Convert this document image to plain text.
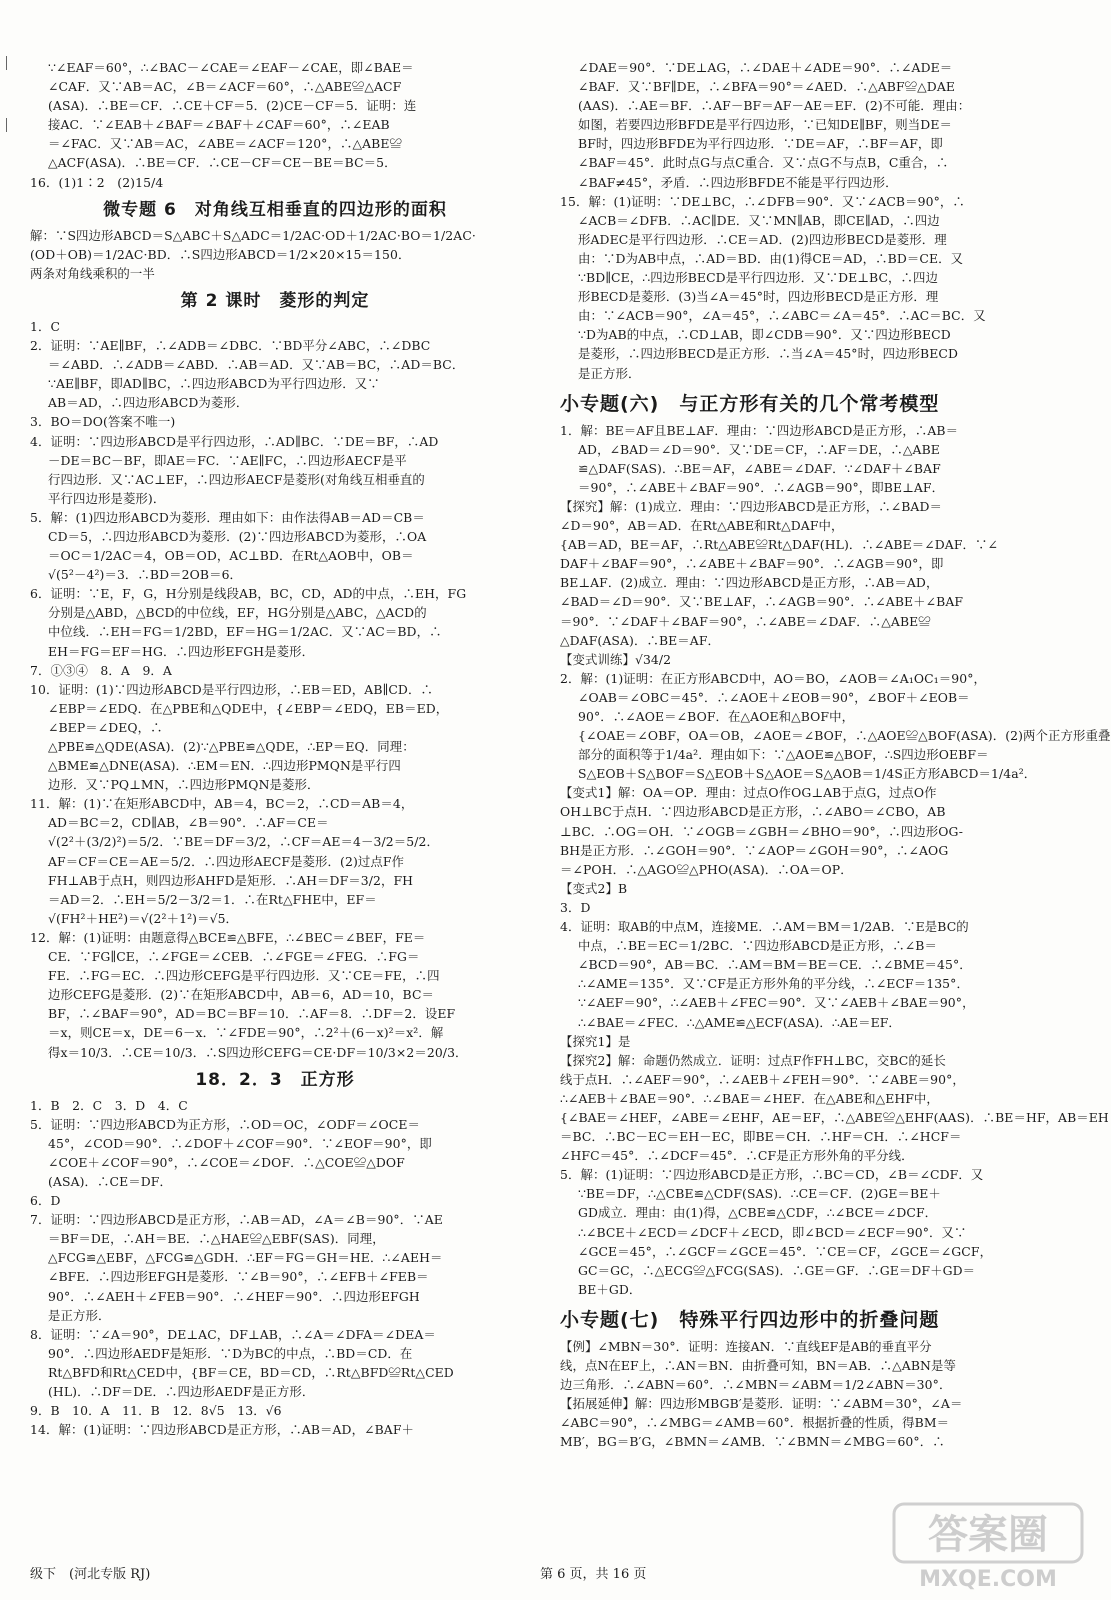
∵∠EAF＝60°，∴∠BAC－∠CAE＝∠EAF－∠CAE，即∠BAE＝
∠CAF．又∵AB＝AC，∠B＝∠ACF＝60°，∴△ABE≌△ACF
(ASA)．∴BE＝CF．∴CE＋CF＝5．(2)CE－CF＝5．证明：连
接AC．∵∠EAB＋∠BAF＝∠BAF＋∠CAF＝60°，∴∠EAB
＝∠FAC．又∵AB＝AC，∠ABE＝∠ACF＝120°，∴△ABE≌
△ACF(ASA)．∴BE＝CF．∴CE－CF＝CE－BE＝BC＝5．
16．(1)1∶2　(2)15/4
微专题 6　对角线互相垂直的四边形的面积
解：∵S四边形ABCD＝S△ABC＋S△ADC＝1/2AC·OD＋1/2AC·BO＝1/2AC·
(OD＋OB)＝1/2AC·BD．∴S四边形ABCD＝1/2×20×15＝150．
两条对角线乘积的一半
第 2 课时　菱形的判定
1．C
2．证明：∵AE∥BF，∴∠ADB＝∠DBC．∵BD平分∠ABC，∴∠DBC
＝∠ABD．∴∠ADB＝∠ABD．∴AB＝AD．又∵AB＝BC，∴AD＝BC．
∵AE∥BF，即AD∥BC，∴四边形ABCD为平行四边形．又∵
AB＝AD，∴四边形ABCD为菱形．
3．BO＝DO(答案不唯一)
4．证明：∵四边形ABCD是平行四边形，∴AD∥BC．∵DE＝BF，∴AD
－DE＝BC－BF，即AE＝FC．∵AE∥FC，∴四边形AECF是平
行四边形．又∵AC⊥EF，∴四边形AECF是菱形(对角线互相垂直的
平行四边形是菱形)．
5．解：(1)四边形ABCD为菱形．理由如下：由作法得AB＝AD＝CB＝
CD＝5，∴四边形ABCD为菱形．(2)∵四边形ABCD为菱形，∴OA
＝OC＝1/2AC＝4，OB＝OD，AC⊥BD．在Rt△AOB中，OB＝
√(5²－4²)＝3．∴BD＝2OB＝6．
6．证明：∵E，F，G，H分别是线段AB，BC，CD，AD的中点，∴EH，FG
分别是△ABD，△BCD的中位线，EF，HG分别是△ABC，△ACD的
中位线．∴EH＝FG＝1/2BD，EF＝HG＝1/2AC．又∵AC＝BD，∴
EH＝FG＝EF＝HG．∴四边形EFGH是菱形．
7．①③④　8．A　9．A
10．证明：(1)∵四边形ABCD是平行四边形，∴EB＝ED，AB∥CD．∴
∠EBP＝∠EDQ．在△PBE和△QDE中，{∠EBP＝∠EDQ，EB＝ED，
∠BEP＝∠DEQ，∴
△PBE≌△QDE(ASA)．(2)∵△PBE≌△QDE，∴EP＝EQ．同理：
△BME≌△DNE(ASA)．∴EM＝EN．∴四边形PMQN是平行四
边形．又∵PQ⊥MN，∴四边形PMQN是菱形．
11．解：(1)∵在矩形ABCD中，AB＝4，BC＝2，∴CD＝AB＝4，
AD＝BC＝2，CD∥AB，∠B＝90°．∴AF＝CE＝
√(2²＋(3/2)²)＝5/2．∵BE＝DF＝3/2，∴CF＝AE＝4－3/2＝5/2．
AF＝CF＝CE＝AE＝5/2．∴四边形AECF是菱形．(2)过点F作
FH⊥AB于点H，则四边形AHFD是矩形．∴AH＝DF＝3/2，FH
＝AD＝2．∴EH＝5/2－3/2＝1．∴在Rt△FHE中，EF＝
√(FH²＋HE²)＝√(2²＋1²)＝√5．
12．解：(1)证明：由题意得△BCE≌△BFE，∴∠BEC＝∠BEF，FE＝
CE．∵FG∥CE，∴∠FGE＝∠CEB．∴∠FGE＝∠FEG．∴FG＝
FE．∴FG＝EC．∴四边形CEFG是平行四边形．又∵CE＝FE，∴四
边形CEFG是菱形．(2)∵在矩形ABCD中，AB＝6，AD＝10，BC＝
BF，∴∠BAF＝90°，AD＝BC＝BF＝10．∴AF＝8．∴DF＝2．设EF
＝x，则CE＝x，DE＝6－x．∵∠FDE＝90°，∴2²＋(6－x)²＝x²．解
得x＝10/3．∴CE＝10/3．∴S四边形CEFG＝CE·DF＝10/3×2＝20/3．
18．2．3　正方形
1．B　2．C　3．D　4．C
5．证明：∵四边形ABCD为正方形，∴OD＝OC，∠ODF＝∠OCE＝
45°，∠COD＝90°．∴∠DOF＋∠COF＝90°．∵∠EOF＝90°，即
∠COE＋∠COF＝90°，∴∠COE＝∠DOF．∴△COE≌△DOF
(ASA)．∴CE＝DF．
6．D
7．证明：∵四边形ABCD是正方形，∴AB＝AD，∠A＝∠B＝90°．∵AE
＝BF＝DE，∴AH＝BE．∴△HAE≌△EBF(SAS)．同理，
△FCG≌△EBF，△FCG≌△GDH．∴EF＝FG＝GH＝HE．∴∠AEH＝
∠BFE．∴四边形EFGH是菱形．∵∠B＝90°，∴∠EFB＋∠FEB＝
90°．∴∠AEH＋∠FEB＝90°．∴∠HEF＝90°．∴四边形EFGH
是正方形．
8．证明：∵∠A＝90°，DE⊥AC，DF⊥AB，∴∠A＝∠DFA＝∠DEA＝
90°．∴四边形AEDF是矩形．∵D为BC的中点，∴BD＝CD．在
Rt△BFD和Rt△CED中，{BF＝CE，BD＝CD，∴Rt△BFD≌Rt△CED
(HL)．∴DF＝DE．∴四边形AEDF是正方形．
9．B　10．A　11．B　12．8√5　13．√6
14．解：(1)证明：∵四边形ABCD是正方形，∴AB＝AD，∠BAF＋
∠DAE＝90°．∵DE⊥AG，∴∠DAE＋∠ADE＝90°．∴∠ADE＝
∠BAF．又∵BF∥DE，∴∠BFA＝90°＝∠AED．∴△ABF≌△DAE
(AAS)．∴AE＝BF．∴AF－BF＝AF－AE＝EF．(2)不可能．理由：
如图，若要四边形BFDE是平行四边形，∵已知DE∥BF，则当DE＝
BF时，四边形BFDE为平行四边形．∵DE＝AF，∴BF＝AF，即
∠BAF＝45°．此时点G与点C重合．又∵点G不与点B，C重合，∴
∠BAF≠45°，矛盾．∴四边形BFDE不能是平行四边形．
15．解：(1)证明：∵DE⊥BC，∴∠DFB＝90°．又∵∠ACB＝90°，∴
∠ACB＝∠DFB．∴AC∥DE．又∵MN∥AB，即CE∥AD，∴四边
形ADEC是平行四边形．∴CE＝AD．(2)四边形BECD是菱形．理
由：∵D为AB中点，∴AD＝BD．由(1)得CE＝AD，∴BD＝CE．又
∵BD∥CE，∴四边形BECD是平行四边形．又∵DE⊥BC，∴四边
形BECD是菱形．(3)当∠A＝45°时，四边形BECD是正方形．理
由：∵∠ACB＝90°，∠A＝45°，∴∠ABC＝∠A＝45°．∴AC＝BC．又
∵D为AB的中点，∴CD⊥AB，即∠CDB＝90°．又∵四边形BECD
是菱形，∴四边形BECD是正方形．∴当∠A＝45°时，四边形BECD
是正方形．
小专题(六)　与正方形有关的几个常考模型
1．解：BE＝AF且BE⊥AF．理由：∵四边形ABCD是正方形，∴AB＝
AD，∠BAD＝∠D＝90°．又∵DE＝CF，∴AF＝DE，∴△ABE
≌△DAF(SAS)．∴BE＝AF，∠ABE＝∠DAF．∵∠DAF＋∠BAF
＝90°，∴∠ABE＋∠BAF＝90°．∴∠AGB＝90°，即BE⊥AF．
【探究】解：(1)成立．理由：∵四边形ABCD是正方形，∴∠BAD＝
∠D＝90°，AB＝AD．在Rt△ABE和Rt△DAF中，
{AB＝AD，BE＝AF，∴Rt△ABE≌Rt△DAF(HL)．∴∠ABE＝∠DAF．∵∠
DAF＋∠BAF＝90°，∴∠ABE＋∠BAF＝90°．∴∠AGB＝90°，即
BE⊥AF．(2)成立．理由：∵四边形ABCD是正方形，∴AB＝AD，
∠BAD＝∠D＝90°．又∵BE⊥AF，∴∠AGB＝90°．∴∠ABE＋∠BAF
＝90°．∵∠DAF＋∠BAF＝90°，∴∠ABE＝∠DAF．∴△ABE≌
△DAF(ASA)．∴BE＝AF．
【变式训练】√34/2
2．解：(1)证明：在正方形ABCD中，AO＝BO，∠AOB＝∠A₁OC₁＝90°，
∠OAB＝∠OBC＝45°．∴∠AOE＋∠EOB＝90°，∠BOF＋∠EOB＝
90°．∴∠AOE＝∠BOF．在△AOE和△BOF中，
{∠OAE＝∠OBF，OA＝OB，∠AOE＝∠BOF，∴△AOE≌△BOF(ASA)．(2)两个正方形重叠
部分的面积等于1/4a²．理由如下：∵△AOE≌△BOF，∴S四边形OEBF＝
S△EOB＋S△BOF＝S△EOB＋S△AOE＝S△AOB＝1/4S正方形ABCD＝1/4a²．
【变式1】解：OA＝OP．理由：过点O作OG⊥AB于点G，过点O作
OH⊥BC于点H．∵四边形ABCD是正方形，∴∠ABO＝∠CBO，AB
⊥BC．∴OG＝OH．∵∠OGB＝∠GBH＝∠BHO＝90°，∴四边形OG-
BH是正方形．∴∠GOH＝90°．∵∠AOP＝∠GOH＝90°，∴∠AOG
＝∠POH．∴△AGO≌△PHO(ASA)．∴OA＝OP．
【变式2】B
3．D
4．证明：取AB的中点M，连接ME．∴AM＝BM＝1/2AB．∵E是BC的
中点，∴BE＝EC＝1/2BC．∵四边形ABCD是正方形，∴∠B＝
∠BCD＝90°，AB＝BC．∴AM＝BM＝BE＝CE．∴∠BME＝45°．
∴∠AME＝135°．又∵CF是正方形外角的平分线，∴∠ECF＝135°．
∵∠AEF＝90°，∴∠AEB＋∠FEC＝90°．又∵∠AEB＋∠BAE＝90°，
∴∠BAE＝∠FEC．∴△AME≌△ECF(ASA)．∴AE＝EF．
【探究1】是
【探究2】解：命题仍然成立．证明：过点F作FH⊥BC，交BC的延长
线于点H．∴∠AEF＝90°，∴∠AEB＋∠FEH＝90°．∵∠ABE＝90°，
∴∠AEB＋∠BAE＝90°．∴∠BAE＝∠HEF．在△ABE和△EHF中，
{∠BAE＝∠HEF，∠ABE＝∠EHF，AE＝EF，∴△ABE≌△EHF(AAS)．∴BE＝HF，AB＝EH
＝BC．∴BC－EC＝EH－EC，即BE＝CH．∴HF＝CH．∴∠HCF＝
∠HFC＝45°．∴∠DCF＝45°．∴CF是正方形外角的平分线．
5．解：(1)证明：∵四边形ABCD是正方形，∴BC＝CD，∠B＝∠CDF．又
∵BE＝DF，∴△CBE≌△CDF(SAS)．∴CE＝CF．(2)GE＝BE＋
GD成立．理由：由(1)得，△CBE≌△CDF，∴∠BCE＝∠DCF．
∴∠BCE＋∠ECD＝∠DCF＋∠ECD，即∠BCD＝∠ECF＝90°．又∵
∠GCE＝45°，∴∠GCF＝∠GCE＝45°．∵CE＝CF，∠GCE＝∠GCF，
GC＝GC，∴△ECG≌△FCG(SAS)．∴GE＝GF．∴GE＝DF＋GD＝
BE＋GD．
小专题(七)　特殊平行四边形中的折叠问题
【例】∠MBN＝30°．证明：连接AN．∵直线EF是AB的垂直平分
线，点N在EF上，∴AN＝BN．由折叠可知，BN＝AB．∴△ABN是等
边三角形．∴∠ABN＝60°．∴∠MBN＝∠ABM＝1/2∠ABN＝30°．
【拓展延伸】解：四边形MBGB′是菱形．证明：∵∠ABM＝30°，∠A＝
∠ABC＝90°，∴∠MBG＝∠AMB＝60°．根据折叠的性质，得BM＝
MB′，BG＝B′G，∠BMN＝∠AMB．∵∠BMN＝∠MBG＝60°．∴
级下　(河北专版 RJ)	第 6 页，共 16 页
答案圈
MXQE.COM
